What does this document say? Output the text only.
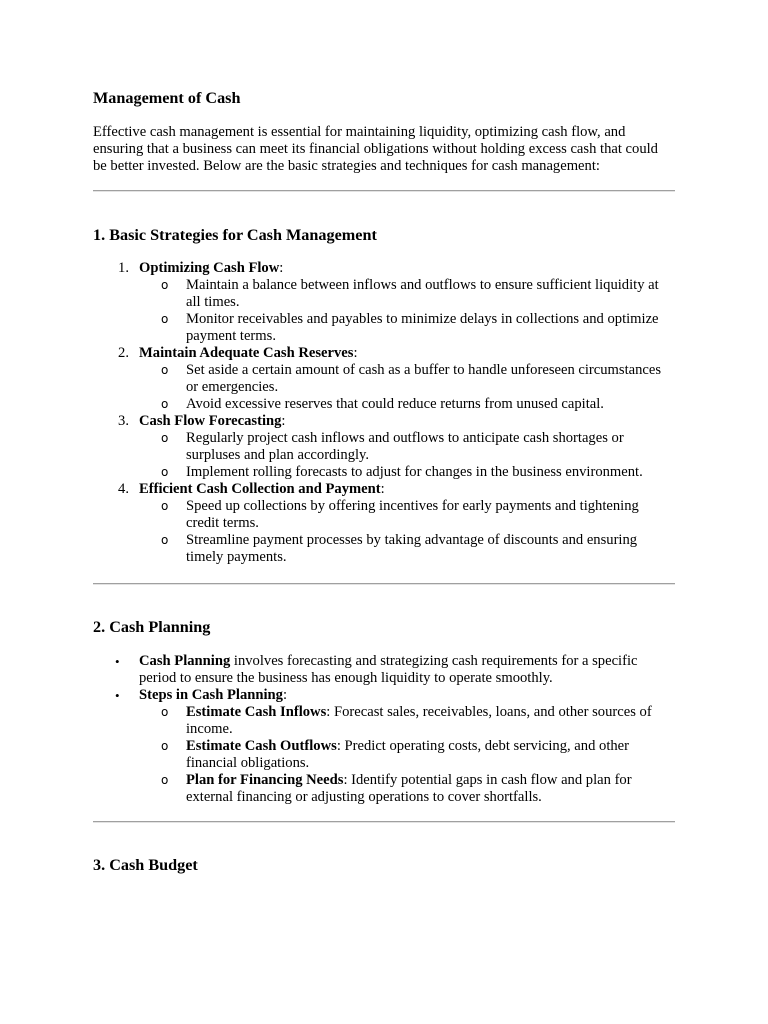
Management of Cash

Effective cash management is essential for maintaining liquidity, optimizing cash flow, and ensuring that a business can meet its financial obligations without holding excess cash that could be better invested. Below are the basic strategies and techniques for cash management:

1. Basic Strategies for Cash Management
1. Optimizing Cash Flow:
o	Maintain a balance between inflows and outflows to ensure sufficient liquidity at all times.
o	Monitor receivables and payables to minimize delays in collections and optimize payment terms.
2. Maintain Adequate Cash Reserves:
o	Set aside a certain amount of cash as a buffer to handle unforeseen circumstances or emergencies.
o	Avoid excessive reserves that could reduce returns from unused capital.
3. Cash Flow Forecasting:
o	Regularly project cash inflows and outflows to anticipate cash shortages or surpluses and plan accordingly.
o	Implement rolling forecasts to adjust for changes in the business environment.
4. Efficient Cash Collection and Payment:
o	Speed up collections by offering incentives for early payments and tightening credit terms.
o	Streamline payment processes by taking advantage of discounts and ensuring timely payments.
2. Cash Planning
•	Cash Planning involves forecasting and strategizing cash requirements for a specific period to ensure the business has enough liquidity to operate smoothly.
•	Steps in Cash Planning:
o	Estimate Cash Inflows: Forecast sales, receivables, loans, and other sources of income.
o	Estimate Cash Outflows: Predict operating costs, debt servicing, and other financial obligations.
o	Plan for Financing Needs: Identify potential gaps in cash flow and plan for external financing or adjusting operations to cover shortfalls.
3. Cash Budget
